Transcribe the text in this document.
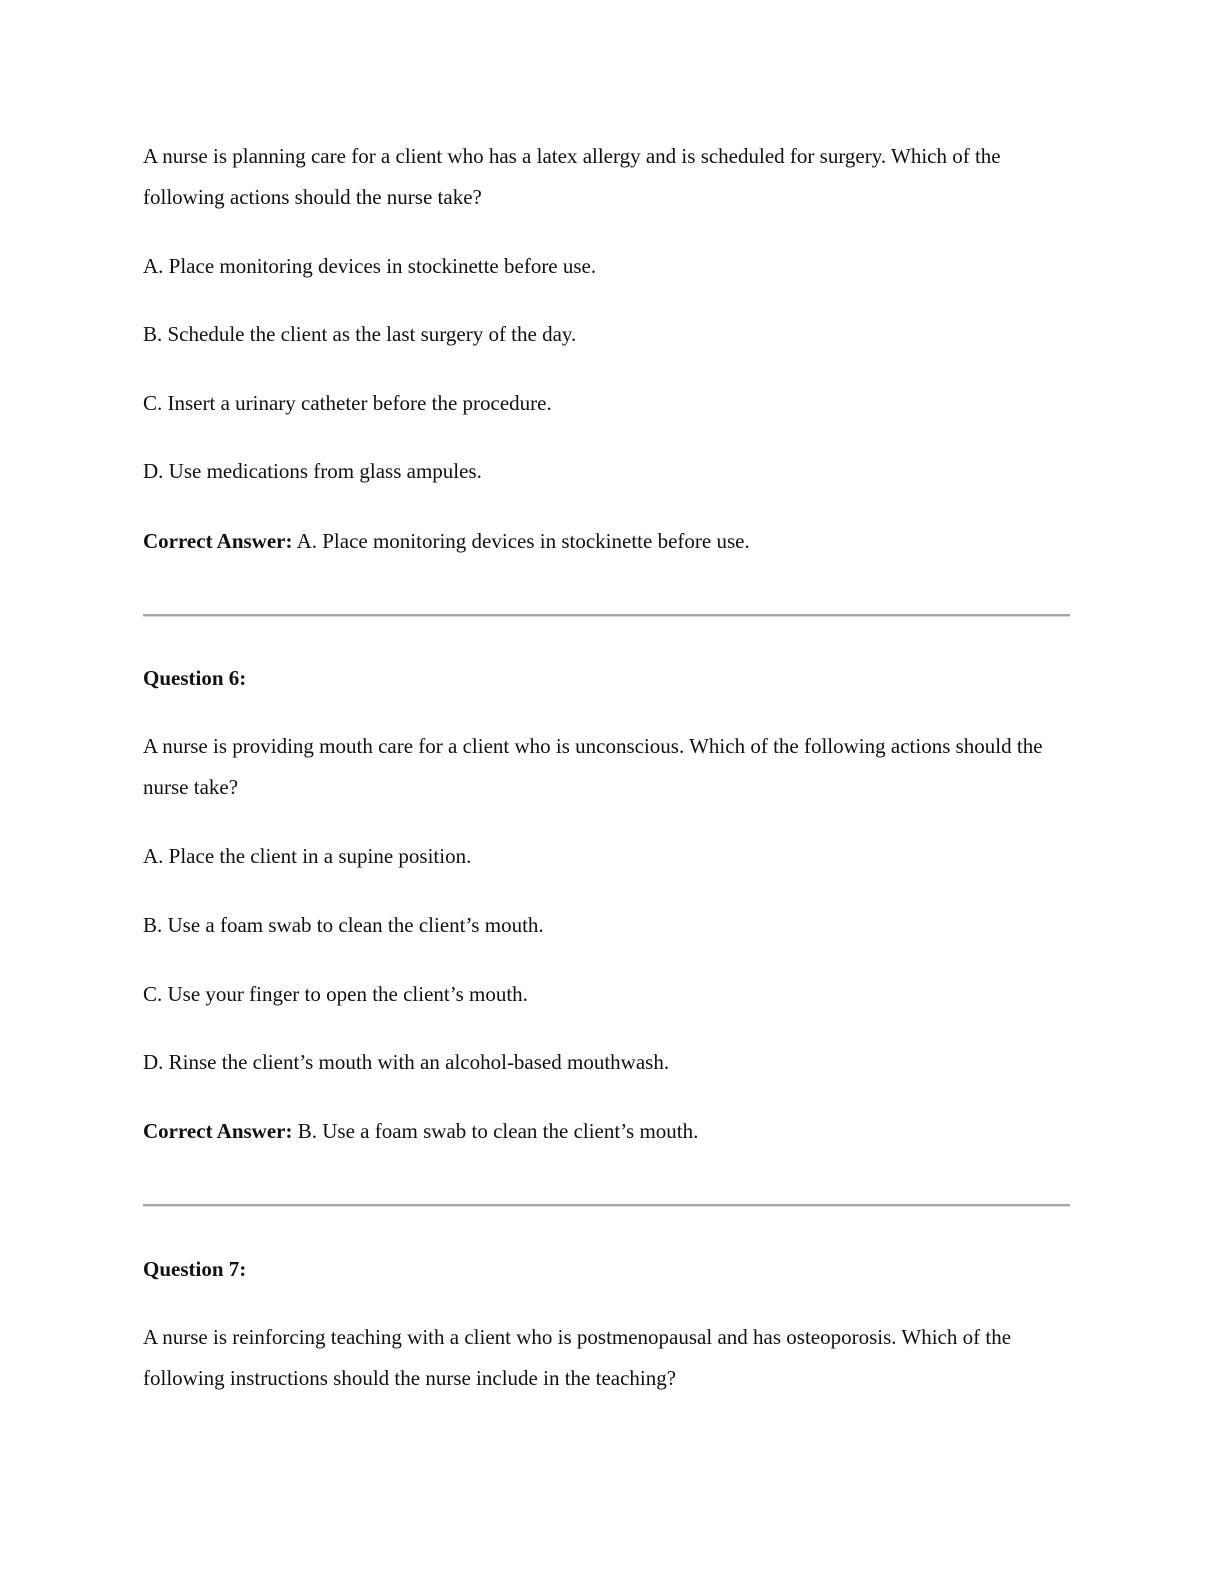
A nurse is planning care for a client who has a latex allergy and is scheduled for surgery. Which of the following actions should the nurse take?

A. Place monitoring devices in stockinette before use.

B. Schedule the client as the last surgery of the day.

C. Insert a urinary catheter before the procedure.

D. Use medications from glass ampules.

Correct Answer: A. Place monitoring devices in stockinette before use.

Question 6:

A nurse is providing mouth care for a client who is unconscious. Which of the following actions should the nurse take?

A. Place the client in a supine position.

B. Use a foam swab to clean the client’s mouth.

C. Use your finger to open the client’s mouth.

D. Rinse the client’s mouth with an alcohol-based mouthwash.

Correct Answer: B. Use a foam swab to clean the client’s mouth.

Question 7:

A nurse is reinforcing teaching with a client who is postmenopausal and has osteoporosis. Which of the following instructions should the nurse include in the teaching?
